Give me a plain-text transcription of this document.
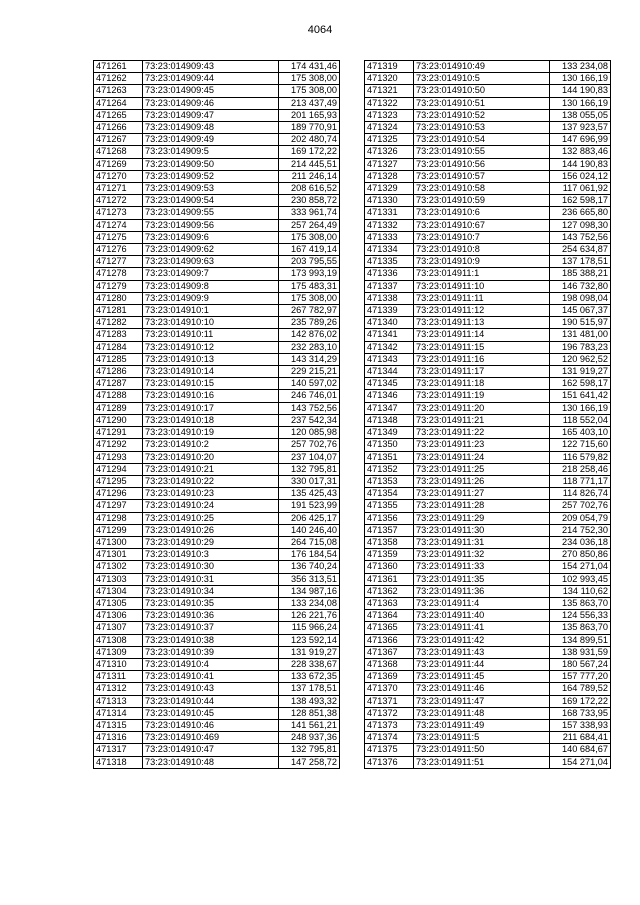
4064
471261	73:23:014909:43	174 431,46
471262	73:23:014909:44	175 308,00
471263	73:23:014909:45	175 308,00
471264	73:23:014909:46	213 437,49
471265	73:23:014909:47	201 165,93
471266	73:23:014909:48	189 770,91
471267	73:23:014909:49	202 480,74
471268	73:23:014909:5	169 172,22
471269	73:23:014909:50	214 445,51
471270	73:23:014909:52	211 246,14
471271	73:23:014909:53	208 616,52
471272	73:23:014909:54	230 858,72
471273	73:23:014909:55	333 961,74
471274	73:23:014909:56	257 264,49
471275	73:23:014909:6	175 308,00
471276	73:23:014909:62	167 419,14
471277	73:23:014909:63	203 795,55
471278	73:23:014909:7	173 993,19
471279	73:23:014909:8	175 483,31
471280	73:23:014909:9	175 308,00
471281	73:23:014910:1	267 782,97
471282	73:23:014910:10	235 789,26
471283	73:23:014910:11	142 876,02
471284	73:23:014910:12	232 283,10
471285	73:23:014910:13	143 314,29
471286	73:23:014910:14	229 215,21
471287	73:23:014910:15	140 597,02
471288	73:23:014910:16	246 746,01
471289	73:23:014910:17	143 752,56
471290	73:23:014910:18	237 542,34
471291	73:23:014910:19	120 085,98
471292	73:23:014910:2	257 702,76
471293	73:23:014910:20	237 104,07
471294	73:23:014910:21	132 795,81
471295	73:23:014910:22	330 017,31
471296	73:23:014910:23	135 425,43
471297	73:23:014910:24	191 523,99
471298	73:23:014910:25	206 425,17
471299	73:23:014910:26	140 246,40
471300	73:23:014910:29	264 715,08
471301	73:23:014910:3	176 184,54
471302	73:23:014910:30	136 740,24
471303	73:23:014910:31	356 313,51
471304	73:23:014910:34	134 987,16
471305	73:23:014910:35	133 234,08
471306	73:23:014910:36	126 221,76
471307	73:23:014910:37	115 966,24
471308	73:23:014910:38	123 592,14
471309	73:23:014910:39	131 919,27
471310	73:23:014910:4	228 338,67
471311	73:23:014910:41	133 672,35
471312	73:23:014910:43	137 178,51
471313	73:23:014910:44	138 493,32
471314	73:23:014910:45	128 851,38
471315	73:23:014910:46	141 561,21
471316	73:23:014910:469	248 937,36
471317	73:23:014910:47	132 795,81
471318	73:23:014910:48	147 258,72
471319	73:23:014910:49	133 234,08
471320	73:23:014910:5	130 166,19
471321	73:23:014910:50	144 190,83
471322	73:23:014910:51	130 166,19
471323	73:23:014910:52	138 055,05
471324	73:23:014910:53	137 923,57
471325	73:23:014910:54	147 696,99
471326	73:23:014910:55	132 883,46
471327	73:23:014910:56	144 190,83
471328	73:23:014910:57	156 024,12
471329	73:23:014910:58	117 061,92
471330	73:23:014910:59	162 598,17
471331	73:23:014910:6	236 665,80
471332	73:23:014910:67	127 098,30
471333	73:23:014910:7	143 752,56
471334	73:23:014910:8	254 634,87
471335	73:23:014910:9	137 178,51
471336	73:23:014911:1	185 388,21
471337	73:23:014911:10	146 732,80
471338	73:23:014911:11	198 098,04
471339	73:23:014911:12	145 067,37
471340	73:23:014911:13	190 515,97
471341	73:23:014911:14	131 481,00
471342	73:23:014911:15	196 783,23
471343	73:23:014911:16	120 962,52
471344	73:23:014911:17	131 919,27
471345	73:23:014911:18	162 598,17
471346	73:23:014911:19	151 641,42
471347	73:23:014911:20	130 166,19
471348	73:23:014911:21	118 552,04
471349	73:23:014911:22	165 403,10
471350	73:23:014911:23	122 715,60
471351	73:23:014911:24	116 579,82
471352	73:23:014911:25	218 258,46
471353	73:23:014911:26	118 771,17
471354	73:23:014911:27	114 826,74
471355	73:23:014911:28	257 702,76
471356	73:23:014911:29	209 054,79
471357	73:23:014911:30	214 752,30
471358	73:23:014911:31	234 036,18
471359	73:23:014911:32	270 850,86
471360	73:23:014911:33	154 271,04
471361	73:23:014911:35	102 993,45
471362	73:23:014911:36	134 110,62
471363	73:23:014911:4	135 863,70
471364	73:23:014911:40	124 556,33
471365	73:23:014911:41	135 863,70
471366	73:23:014911:42	134 899,51
471367	73:23:014911:43	138 931,59
471368	73:23:014911:44	180 567,24
471369	73:23:014911:45	157 777,20
471370	73:23:014911:46	164 789,52
471371	73:23:014911:47	169 172,22
471372	73:23:014911:48	168 733,95
471373	73:23:014911:49	157 338,93
471374	73:23:014911:5	211 684,41
471375	73:23:014911:50	140 684,67
471376	73:23:014911:51	154 271,04
